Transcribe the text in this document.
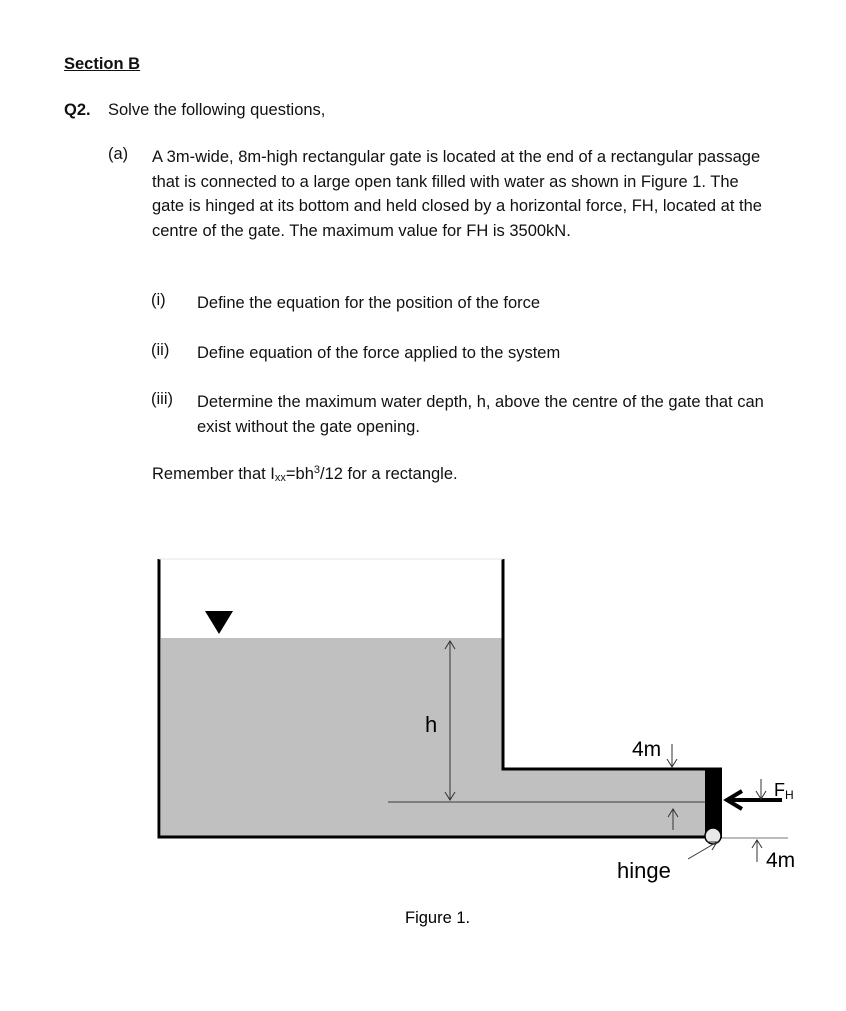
Section B
Q2. Solve the following questions,
(a) A 3m-wide, 8m-high rectangular gate is located at the end of a rectangular passage that is connected to a large open tank filled with water as shown in Figure 1. The gate is hinged at its bottom and held closed by a horizontal force, FH, located at the centre of the gate. The maximum value for FH is 3500kN.
(i) Define the equation for the position of the force
(ii) Define equation of the force applied to the system
(iii) Determine the maximum water depth, h, above the centre of the gate that can exist without the gate opening.
Remember that $I_{xx}=bh^3/12$ for a rectangle.
h
4m
FH
4m
hinge
Figure 1.
